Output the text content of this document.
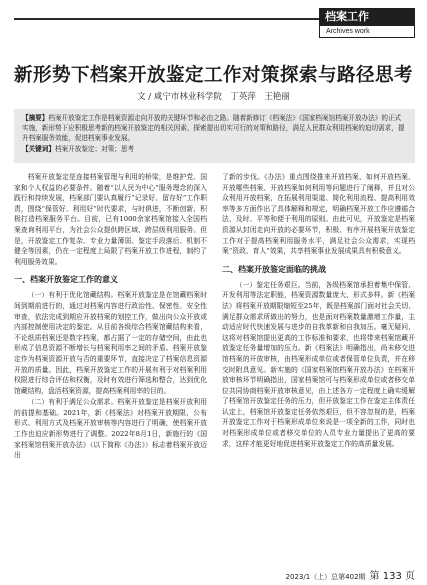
档案工作
Archives work
新形势下档案开放鉴定工作对策探索与路径思考
文 / 咸宁市林业科学院　丁英萍　王艳丽
【摘要】档案开放鉴定工作是档案资源走向开放的关键环节和必由之路。随着新修订《档案法》《国家档案馆档案开放办法》的正式实施，新形势下应积极思考新的档案开放鉴定的相关因素，探索提出切实可行的对策和路径，满足人民群众利用档案的迫切需求，提升档案服务效能，促进档案事业发展。
【关键词】档案开放鉴定；对策；思考

档案开放鉴定是连接档案管理与利用的桥梁，是维护党、国家和个人权益的必要条件。随着“以人民为中心”服务理念的深入践行和持续发展，档案部门要认真履行“记录好、留存好”工作职责，围绕“保管好、利用好”时代要求，与时俱进，不断创新，积极打造档案服务平台。目前，已有1000余家档案馆接入全国档案查询利用平台，为社会公众提供跨区域、跨层级利用服务。但是，开放鉴定工作复杂、专业力量薄弱、鉴定手段落后、机制不健全等因素，仍在一定程度上局限了档案开放工作进程，制约了利用服务效果。

一、档案开放鉴定工作的意义

（一）有利于优化馆藏结构。档案开放鉴定是在馆藏档案时间到期前进行的，通过对档案内容进行政治性、保密性、安全性审查，依法完成到期应开放档案的划控工作，做出向公众开放或内部控制使用决定的鉴定。从目前各级综合档案馆藏结构来看，不论纸质档案还是数字档案，都占据了一定的存储空间，由此也形成了信息资源不断增长与档案利用率之间的矛盾。档案开放鉴定作为档案资源开放与否的重要环节，直接决定了档案信息资源开放的质量。因此，档案开放鉴定工作的开展有利于对档案利用权限进行综合评估和权衡，及时有效进行筛选和整合，达到优化馆藏结构，盘活档案资源，提高档案利用率的目的。

（二）有利于满足公众需求。档案开放鉴定是档案开放利用的前提和基础。2021年，新《档案法》对档案开放期限、公布形式、利用方式及档案开放审核等内容进行了明确，使档案开放工作也迫应新形势进行了调整。2022年8月1日，新施行的《国家档案馆档案开放办法》（以下简称《办法》）标志着档案开放迈出

了新的步伐。《办法》重点围绕推来开放档案、如何开放档案、开放哪些档案、开放档案如何利用等问题进行了阐释，并且对公众利用开放档案，在拓展利用渠道、简化利用流程、提高利用效率等多方面作出了具体解释和规定，明确档案开放工作应遵循合法、及时、平等和便于利用的原则。由此可见，开放鉴定是档案资源从封闭走向开放的必要环节，积极、有序开展档案开放鉴定工作对于提高档案利用服务水平，满足社会公众需求，实现档案“资政、育人”效果，共享档案事业发展成果具有积极意义。

二、档案开放鉴定面临的挑战

（一）鉴定任务艰巨。当前，各级档案馆承担着集中保管、开发利用等法定职能，档案资源数量庞大、形式多样。新《档案法》将档案开放期限缩短至25年，既是档案部门面对社会关切、满足群众需求所做出的努力，也是面对档案数量激增工作量，主动适应时代快速发展与进步的自我革新和自我加压。毫无疑问，这将对档案馆提出更高的工作标准和要求，也将带来档案馆藏开放鉴定任务量增加的压力。新《档案法》明确指出，尚未移交进馆档案的开放审核，由档案形成单位或者保管单位负责，并在移交时附具意见。新实施的《国家档案馆档案开放办法》在档案开放审核环节明确指出，国家档案馆可与档案形成单位或者移交单位共同协商档案开放审核意见，由上述各方一定程度上确实缓解了档案馆开放鉴定任务的压力，但开放鉴定工作在鉴定主体责任认定上，档案馆开放鉴定任务依然艰巨，但不容忽视的是，档案开放鉴定工作对于档案形成单位来说是一项全新的工作，同时也对档案形成单位或者移交单位的人员专业力量提出了更高的要求，这样才能更好地促进档案开放鉴定工作的高质量发展。

2023/1（上）总第402期 第 133 页
